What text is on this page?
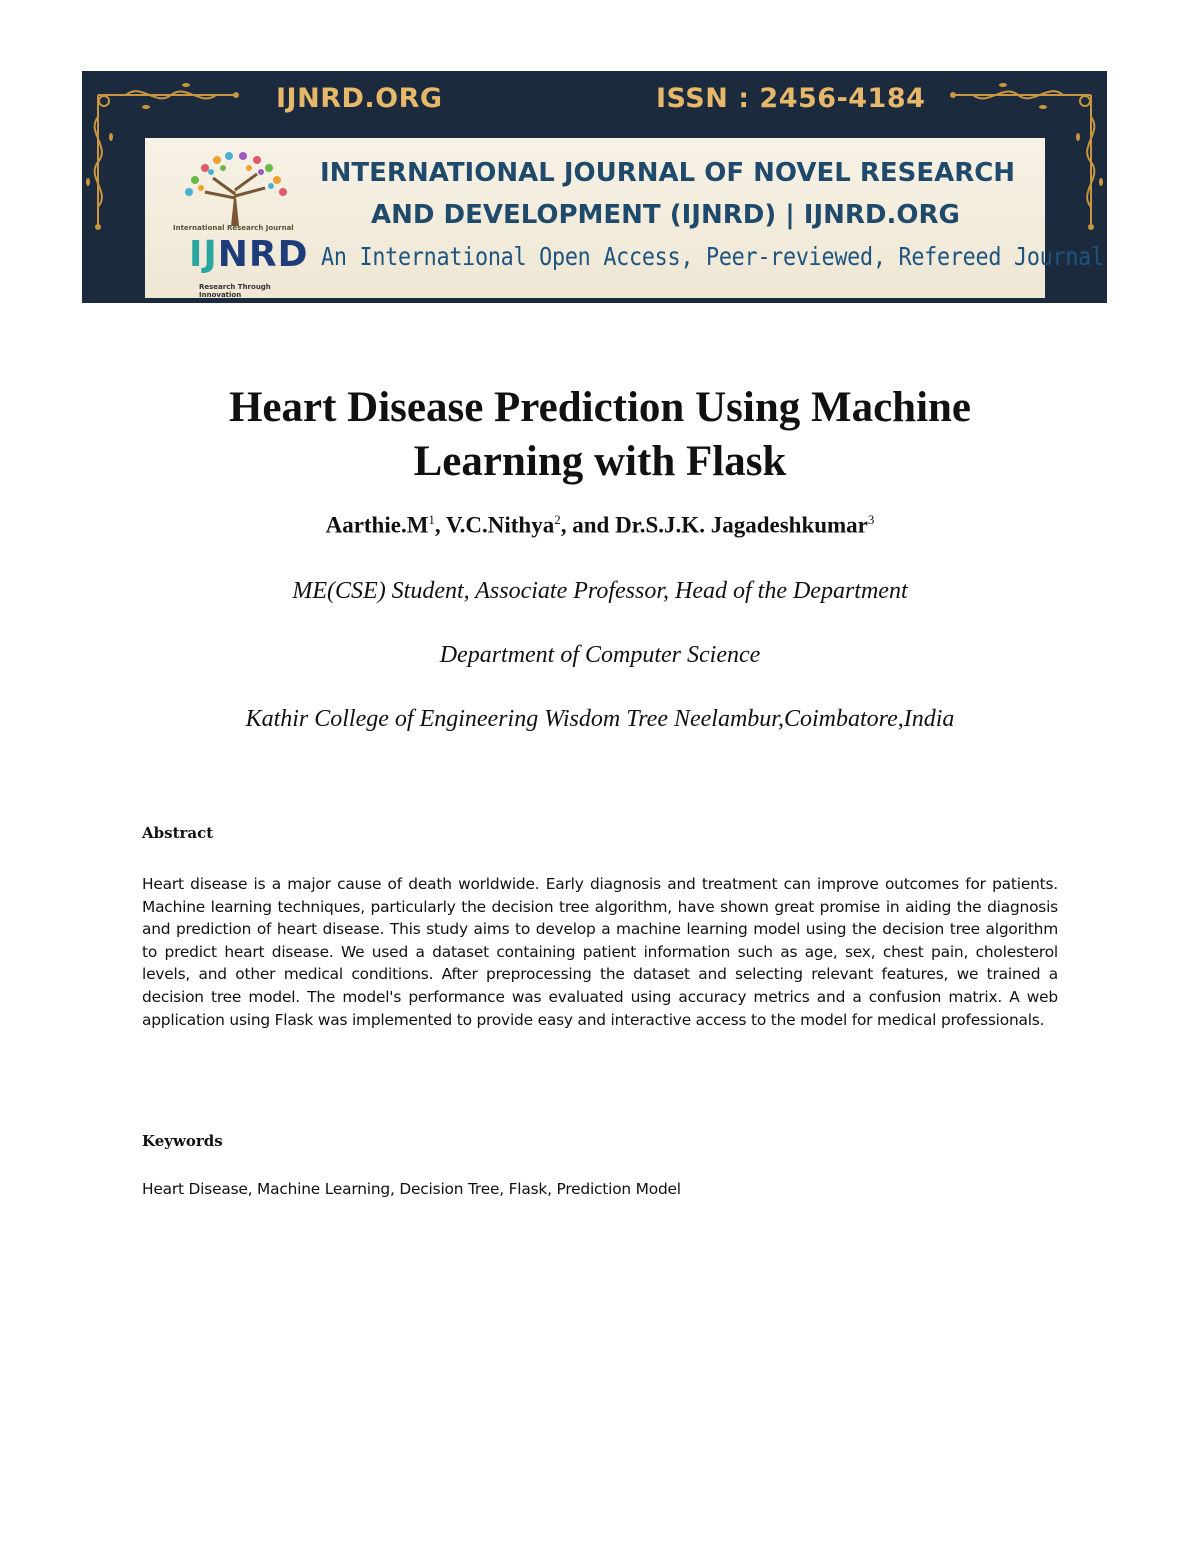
IJNRD.ORG	ISSN : 2456-4184
International Research Journal
IJNRD
Research Through Innovation
INTERNATIONAL JOURNAL OF NOVEL RESEARCH
AND DEVELOPMENT (IJNRD) | IJNRD.ORG
An International Open Access, Peer-reviewed, Refereed Journal
Heart Disease Prediction Using Machine
Learning with Flask

$Aarthie.M^1$, V.C.Nithya$^2$, and Dr.S.J.K. Jagadeshkumar$^3$

ME(CSE) Student, Associate Professor, Head of the Department

Department of Computer Science

Kathir College of Engineering Wisdom Tree Neelambur,Coimbatore,India

Abstract

Heart disease is a major cause of death worldwide. Early diagnosis and treatment can improve outcomes for patients. Machine learning techniques, particularly the decision tree algorithm, have shown great promise in aiding the diagnosis and prediction of heart disease. This study aims to develop a machine learning model using the decision tree algorithm to predict heart disease. We used a dataset containing patient information such as age, sex, chest pain, cholesterol levels, and other medical conditions. After preprocessing the dataset and selecting relevant features, we trained a decision tree model. The model's performance was evaluated using accuracy metrics and a confusion matrix. A web application using Flask was implemented to provide easy and interactive access to the model for medical professionals.

Keywords

Heart Disease, Machine Learning, Decision Tree, Flask, Prediction Model
